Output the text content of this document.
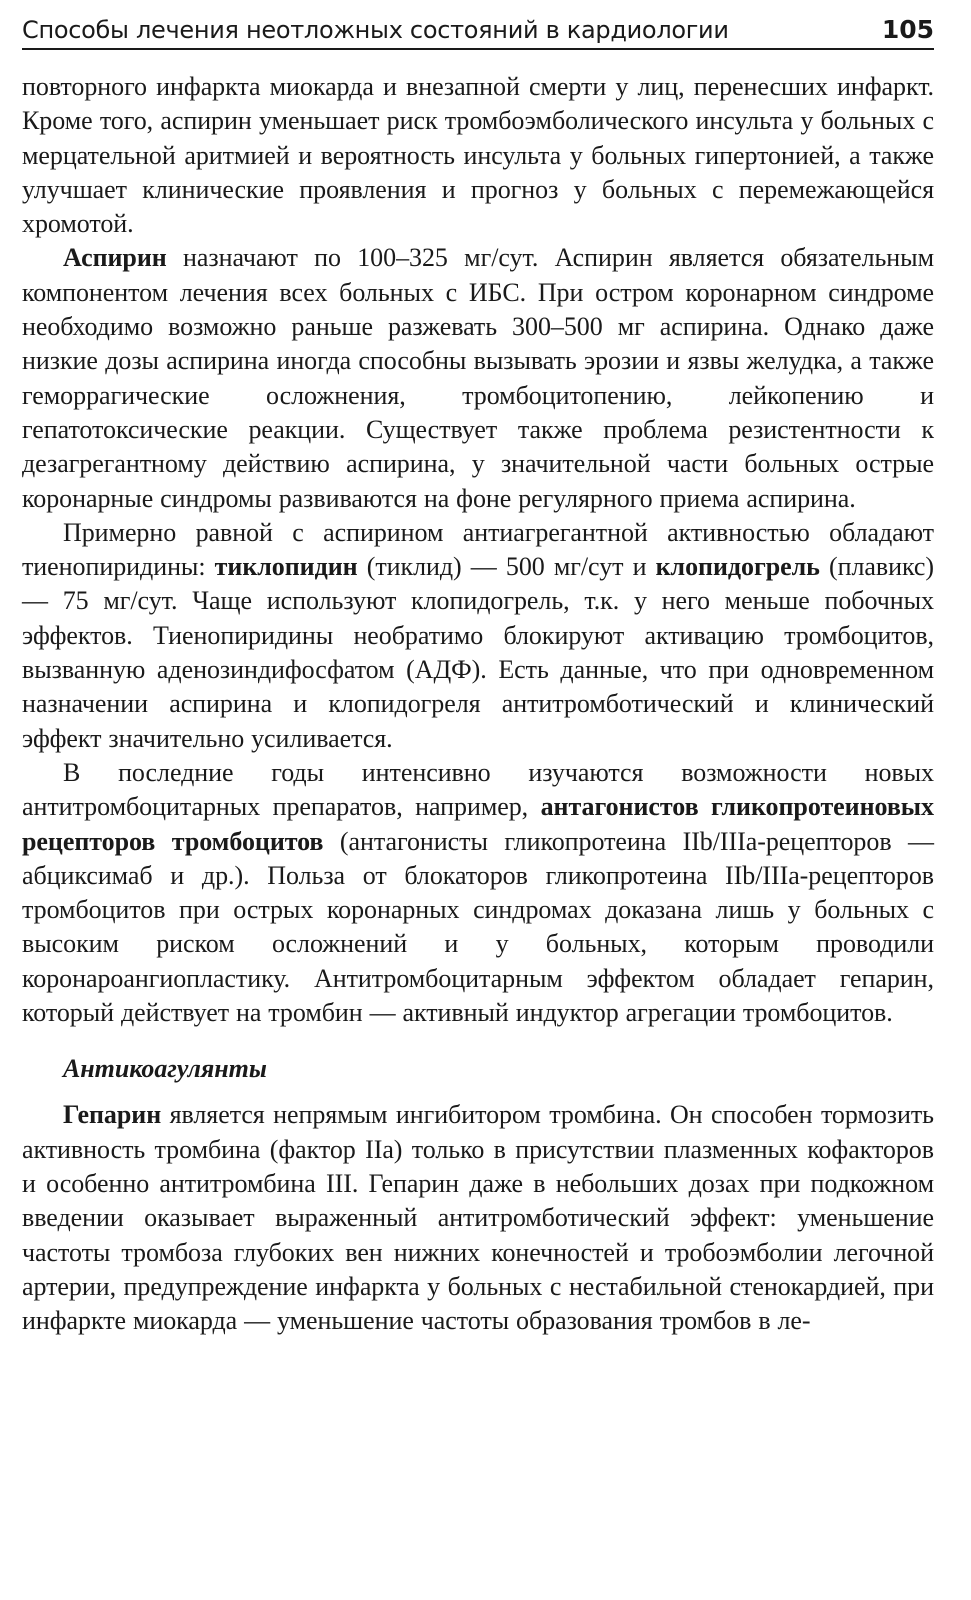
Способы лечения неотложных состояний в кардиологии	105

повторного инфаркта миокарда и внезапной смерти у лиц, перенесших инфаркт. Кроме того, аспирин уменьшает риск тромбоэмболического инсульта у больных с мерцательной аритмией и вероятность инсульта у больных гипертонией, а также улучшает клинические проявления и прогноз у больных с перемежающейся хромотой.

Аспирин назначают по 100–325 мг/сут. Аспирин является обязательным компонентом лечения всех больных с ИБС. При остром коронарном синдроме необходимо возможно раньше разжевать 300–500 мг аспирина. Однако даже низкие дозы аспирина иногда способны вызывать эрозии и язвы желудка, а также геморрагические осложнения, тромбоцитопению, лейкопению и гепатотоксические реакции. Существует также проблема резистентности к дезагрегантному действию аспирина, у значительной части больных острые коронарные синдромы развиваются на фоне регулярного приема аспирина.

Примерно равной с аспирином антиагрегантной активностью обладают тиенопиридины: тиклопидин (тиклид) — 500 мг/сут и клопидогрель (плавикс) — 75 мг/сут. Чаще используют клопидогрель, т.к. у него меньше побочных эффектов. Тиенопиридины необратимо блокируют активацию тромбоцитов, вызванную аденозиндифосфатом (АДФ). Есть данные, что при одновременном назначении аспирина и клопидогреля антитромботический и клинический эффект значительно усиливается.

В последние годы интенсивно изучаются возможности новых антитромбоцитарных препаратов, например, антагонистов гликопротеиновых рецепторов тромбоцитов (антагонисты гликопротеина IIb/IIIa-рецепторов — абциксимаб и др.). Польза от блокаторов гликопротеина IIb/IIIa-рецепторов тромбоцитов при острых коронарных синдромах доказана лишь у больных с высоким риском осложнений и у больных, которым проводили коронароангиопластику. Антитромбоцитарным эффектом обладает гепарин, который действует на тромбин — активный индуктор агрегации тромбоцитов.

Антикоагулянты

Гепарин является непрямым ингибитором тромбина. Он способен тормозить активность тромбина (фактор IIa) только в присутствии плазменных кофакторов и особенно антитромбина III. Гепарин даже в небольших дозах при подкожном введении оказывает выраженный антитромботический эффект: уменьшение частоты тромбоза глубоких вен нижних конечностей и тробоэмболии легочной артерии, предупреждение инфаркта у больных с нестабильной стенокардией, при инфаркте миокарда — уменьшение частоты образования тромбов в ле-
